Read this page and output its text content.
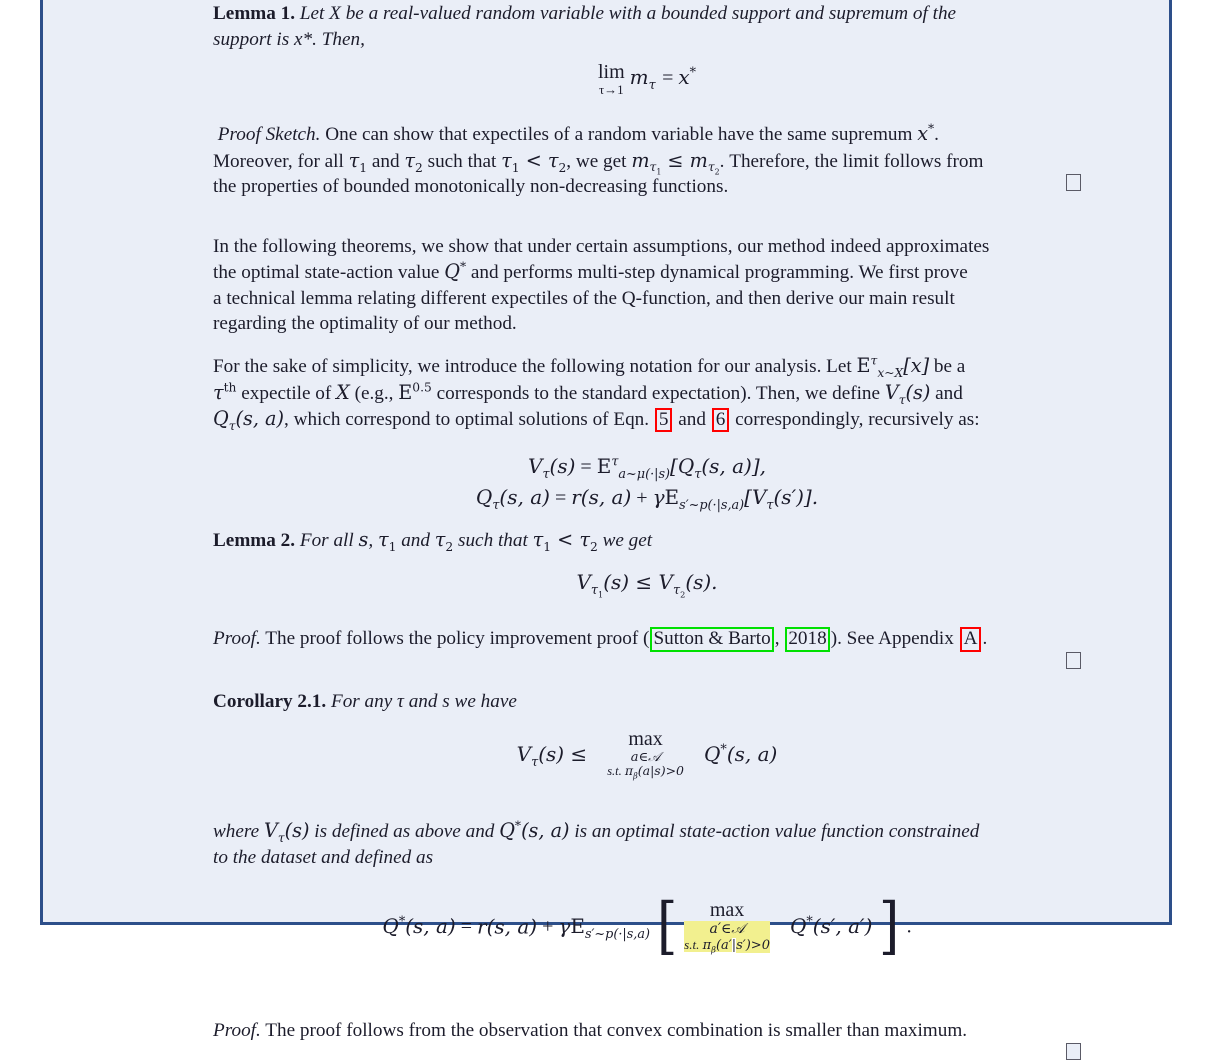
Lemma 1. Let X be a real-valued random variable with a bounded support and supremum of the
support is x*. Then,
lim
τ→1
$m_\tau = x^*$
Proof Sketch. One can show that expectiles of a random variable have the same supremum x*.
Moreover, for all $\tau_1$ and $\tau_2$ such that $\tau_1 < \tau_2$, we get $m_{\tau_1} \le m_{\tau_2}$. Therefore, the limit follows from
the properties of bounded monotonically non-decreasing functions.
In the following theorems, we show that under certain assumptions, our method indeed approximates
the optimal state-action value Q* and performs multi-step dynamical programming. We first prove
a technical lemma relating different expectiles of the Q-function, and then derive our main result
regarding the optimality of our method.
For the sake of simplicity, we introduce the following notation for our analysis. Let $E^\tau_{x\sim X}[x]$ be a
$\tau^{th}$ expectile of X (e.g., $E^{0.5}$ corresponds to the standard expectation). Then, we define $V_\tau(s)$ and
$Q_\tau(s$, a), which correspond to optimal solutions of Eqn. 5 and 6 correspondingly, recursively as:
$V_\tau(s) = E^\tau_{a\sim\mu(\cdot|s)}[Q_\tau(s$, a)],
$Q_\tau(s$, a) = r(s, $a) + \gamma E_{s'\sim p(\cdot|s,a)}[V_\tau(s')]$.
Lemma 2. For all s, $\tau_1$ and $\tau_2$ such that $\tau_1 < \tau_2$ we get
$V_{\tau_1}(s) \le V_{\tau_2}(s)$.
Proof. The proof follows the policy improvement proof ( Sutton & Barto , 2018 ). See Appendix A .
Corollary 2.1. For any τ and s we have
$V_\tau(s)$ ≤
max
a∈𝒜
s.t. $\pi_\beta(a|s)>0$
Q*(s, a)
where $V_\tau(s)$ is defined as above and Q*(s, a) is an optimal state-action value function constrained
to the dataset and defined as
Q*(s, a) = r(s, $a) + \gamma E_{s'\sim p(\cdot|s,a)}$ [	max
a′∈𝒜
s.t. $\pi_\beta(a'|s')>0$
Q*(s′, a′) ] .
Proof. The proof follows from the observation that convex combination is smaller than maximum.
